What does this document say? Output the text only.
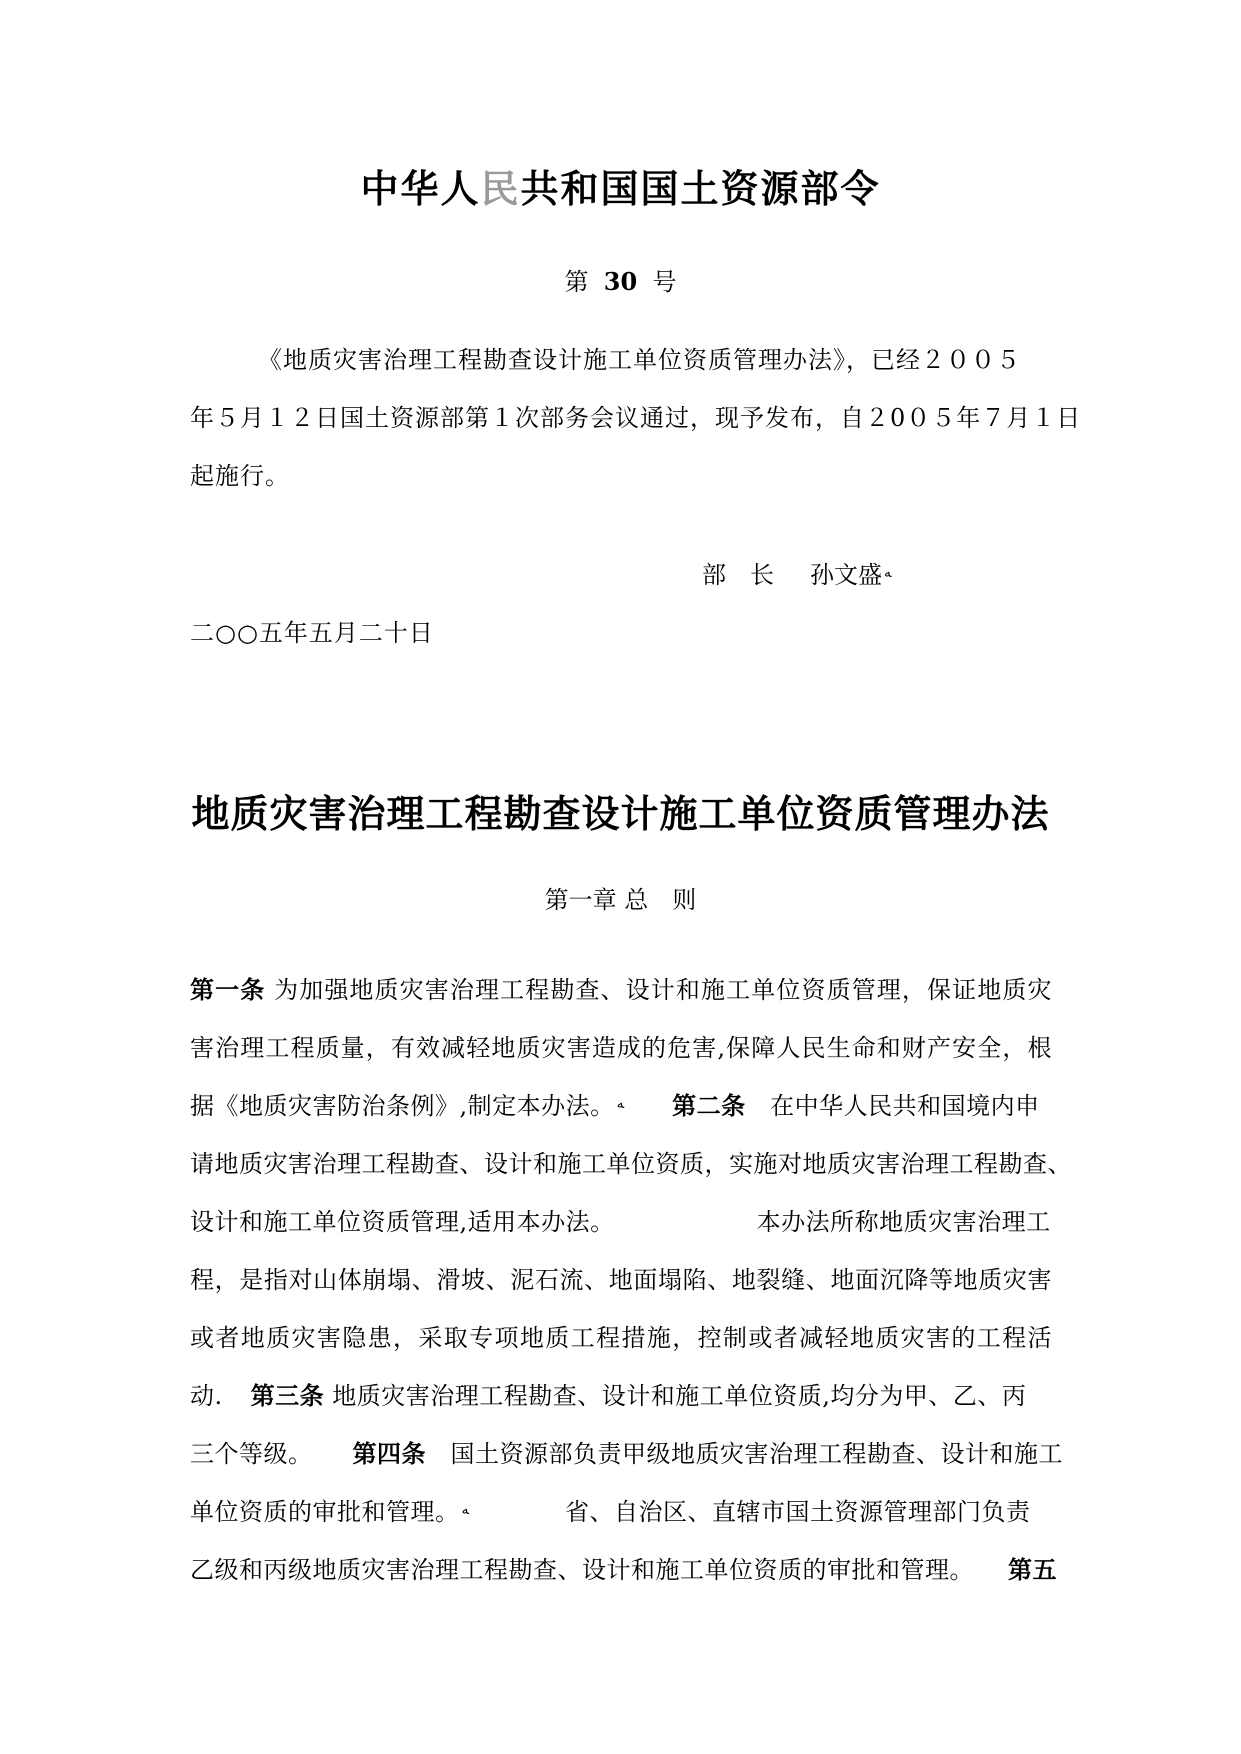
中华人民共和国国土资源部令
第 30 号
《地质灾害治理工程勘查设计施工单位资质管理办法》，已经２００５
年５月１２日国土资源部第１次部务会议通过，现予发布，自２0０５年７月１日
起施行。
部　长 孙文盛 $^ﻪ$
二○○五年五月二十日
地质灾害治理工程勘查设计施工单位资质管理办法
第一章 总　则
第一条 为加强地质灾害治理工程勘查、设计和施工单位资质管理，保证地质灾
害治理工程质量，有效减轻地质灾害造成的危害,保障人民生命和财产安全，根
据《地质灾害防治条例》,制定本办法。 $^ﻪ$ 第二条　在中华人民共和国境内申
请地质灾害治理工程勘查、设计和施工单位资质，实施对地质灾害治理工程勘查、
设计和施工单位资质管理,适用本办法。	本办法所称地质灾害治理工
程，是指对山体崩塌、滑坡、泥石流、地面塌陷、地裂缝、地面沉降等地质灾害
或者地质灾害隐患，采取专项地质工程措施，控制或者减轻地质灾害的工程活
动. 第三条 地质灾害治理工程勘查、设计和施工单位资质,均分为甲、乙、丙
三个等级。 第四条　国土资源部负责甲级地质灾害治理工程勘查、设计和施工
单位资质的审批和管理。 $^ﻪ$	省、自治区、直辖市国土资源管理部门负责
乙级和丙级地质灾害治理工程勘查、设计和施工单位资质的审批和管理。 第五
